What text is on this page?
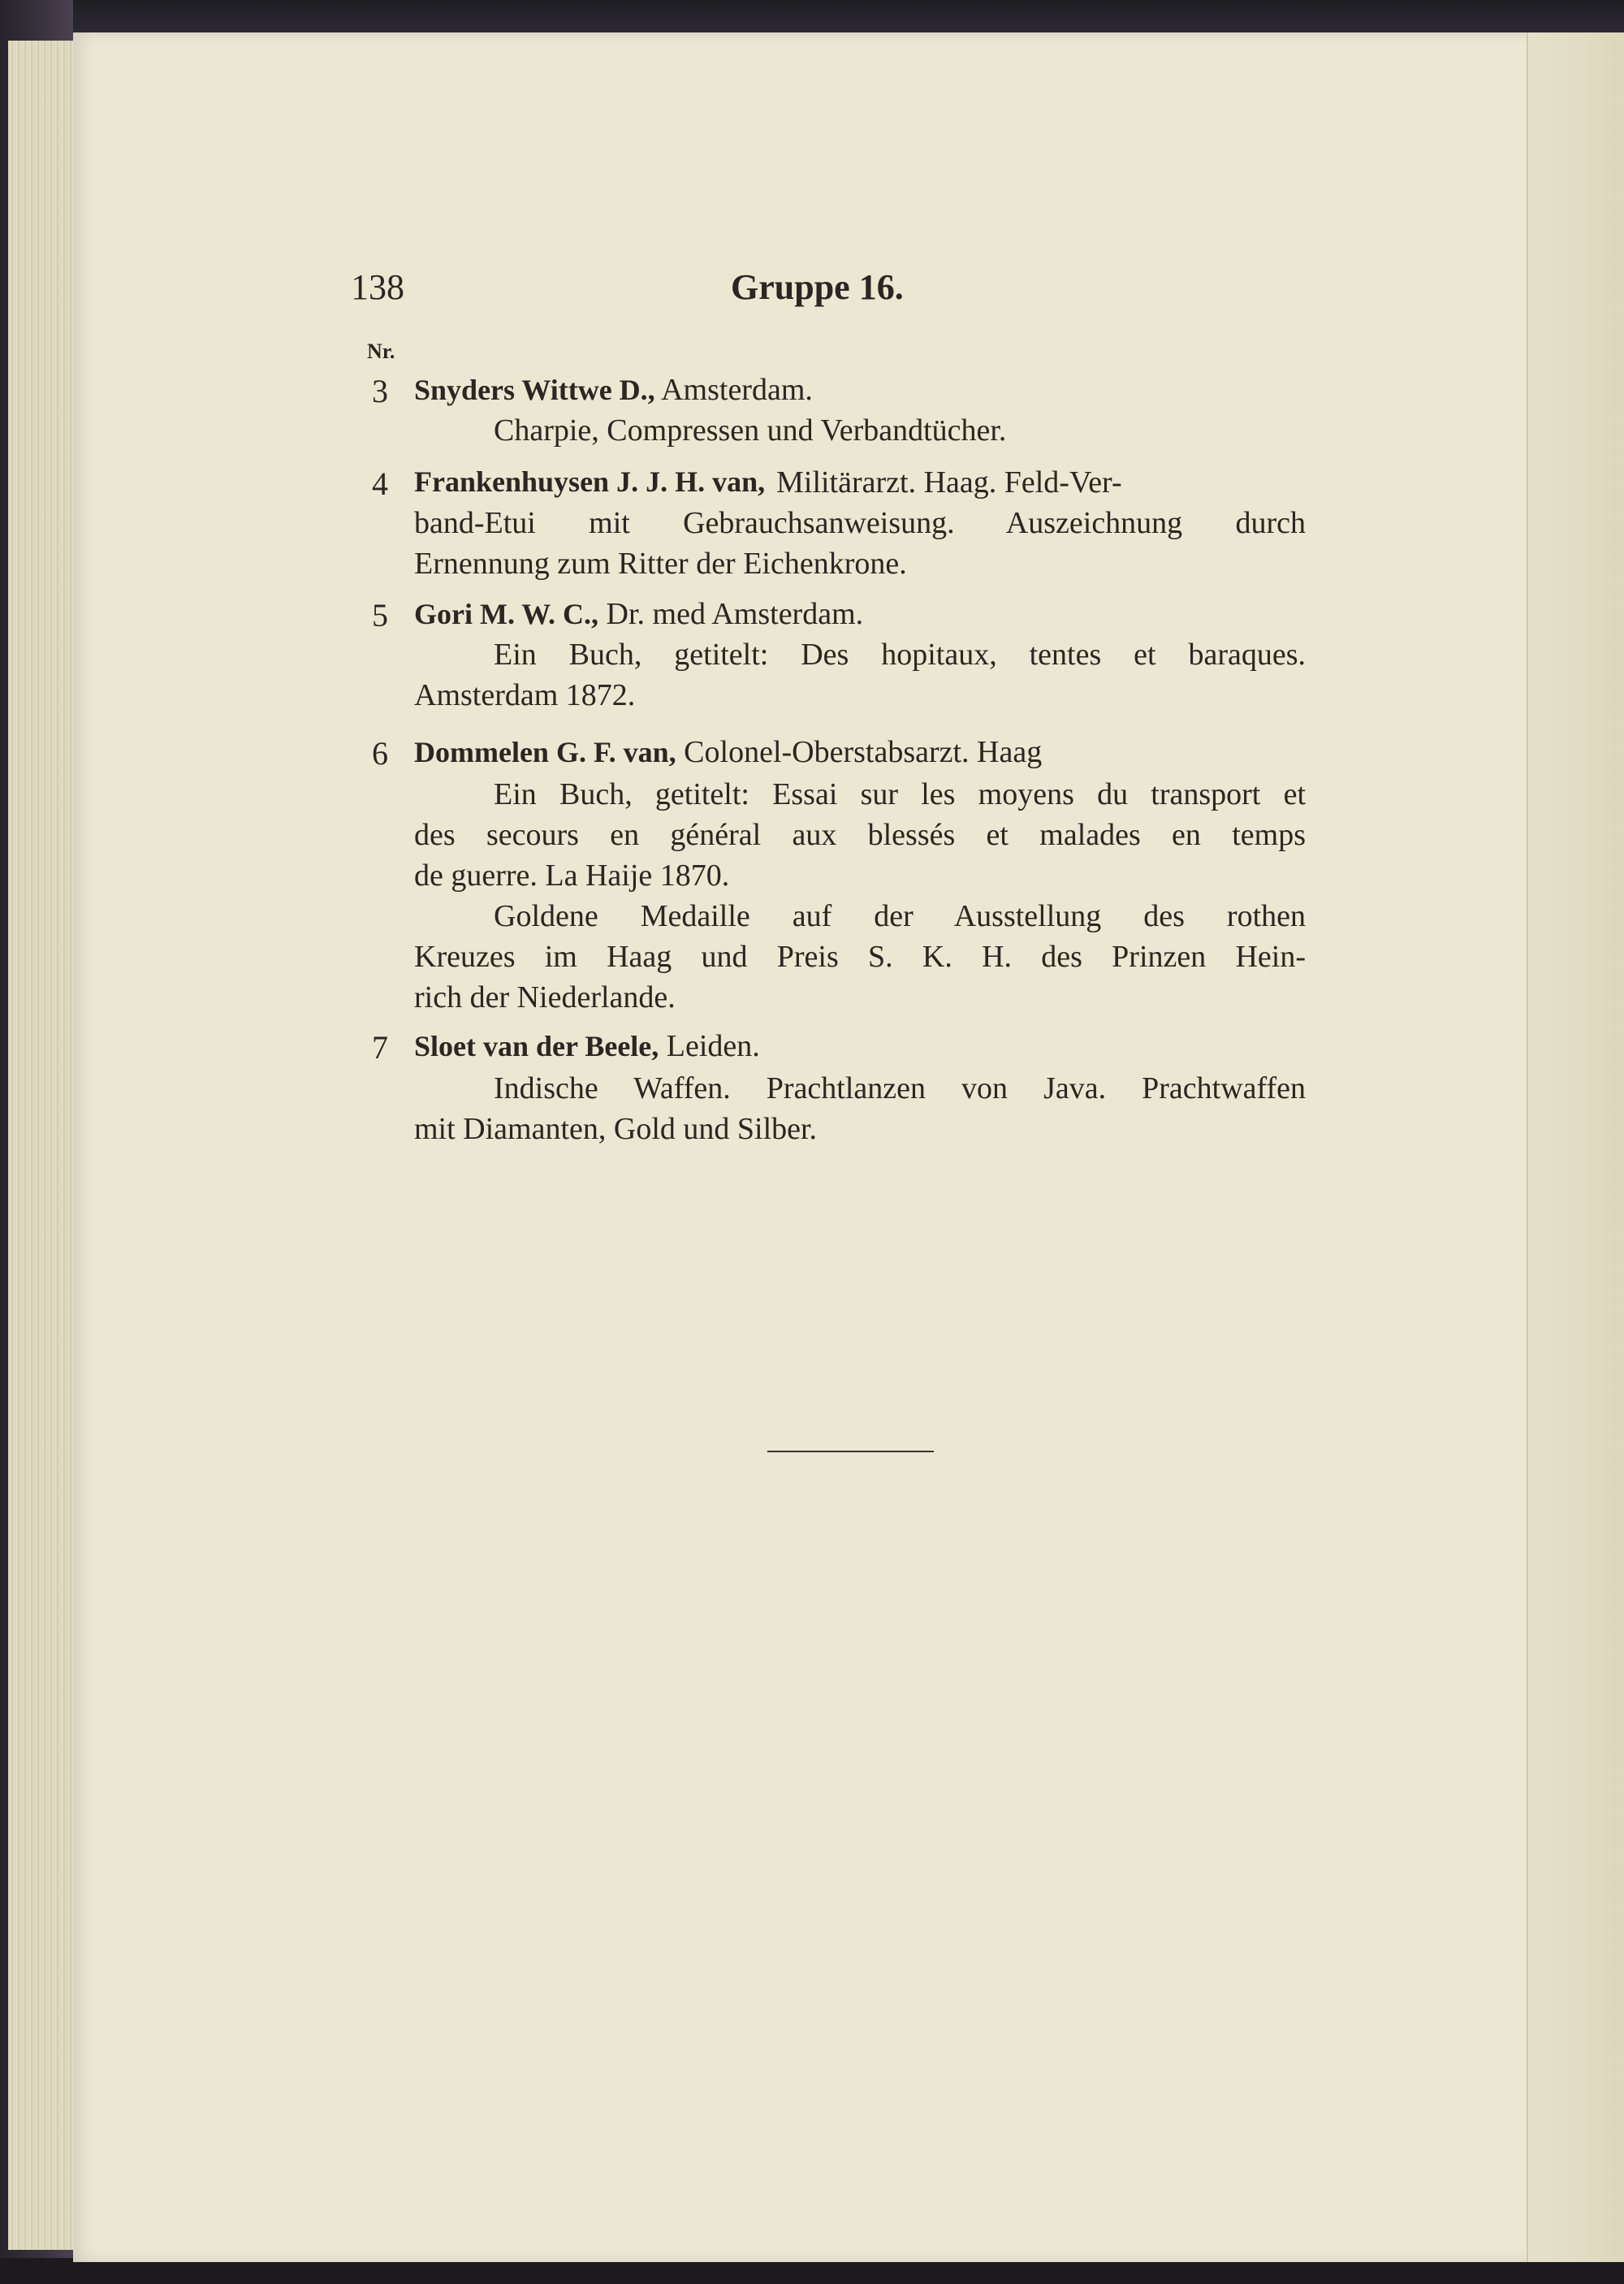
138	Gruppe 16.
Nr.
3 Snyders Wittwe D., Amsterdam.
Charpie, Compressen und Verbandtücher.
4 Frankenhuysen J. J. H. van, Militärarzt. Haag. Feld-Ver-
band-Etui mit Gebrauchsanweisung. Auszeichnung durch
Ernennung zum Ritter der Eichenkrone.
5 Gori M. W. C., Dr. med Amsterdam.
Ein Buch, getitelt: Des hopitaux, tentes et baraques.
Amsterdam 1872.
6 Dommelen G. F. van, Colonel-Oberstabsarzt. Haag
Ein Buch, getitelt: Essai sur les moyens du transport et
des secours en général aux blessés et malades en temps
de guerre. La Haije 1870.
Goldene Medaille auf der Ausstellung des rothen
Kreuzes im Haag und Preis S. K. H. des Prinzen Hein-
rich der Niederlande.
7 Sloet van der Beele, Leiden.
Indische Waffen. Prachtlanzen von Java. Prachtwaffen
mit Diamanten, Gold und Silber.
